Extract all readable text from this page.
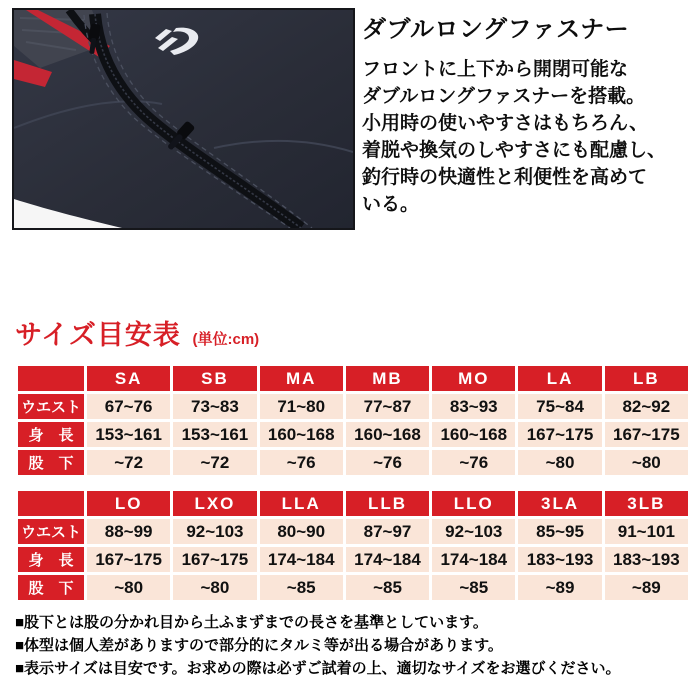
ダブルロングファスナー

フロントに上下から開閉可能な
ダブルロングファスナーを搭載。
小用時の使いやすさはもちろん、
着脱や換気のしやすさにも配慮し、
釣行時の快適性と利便性を高めて
いる。

サイズ目安表 (単位:cm)
	SA	SB	MA	MB	MO	LA	LB
ウエスト	67~76	73~83	71~80	77~87	83~93	75~84	82~92
身　長	153~161	153~161	160~168	160~168	160~168	167~175	167~175
股　下	~72	~72	~76	~76	~76	~80	~80
	LO	LXO	LLA	LLB	LLO	3LA	3LB
ウエスト	88~99	92~103	80~90	87~97	92~103	85~95	91~101
身　長	167~175	167~175	174~184	174~184	174~184	183~193	183~193
股　下	~80	~80	~85	~85	~85	~89	~89
■股下とは股の分かれ目から土ふまずまでの長さを基準としています。
■体型は個人差がありますので部分的にタルミ等が出る場合があります。
■表示サイズは目安です。お求めの際は必ずご試着の上、適切なサイズをお選びください。
